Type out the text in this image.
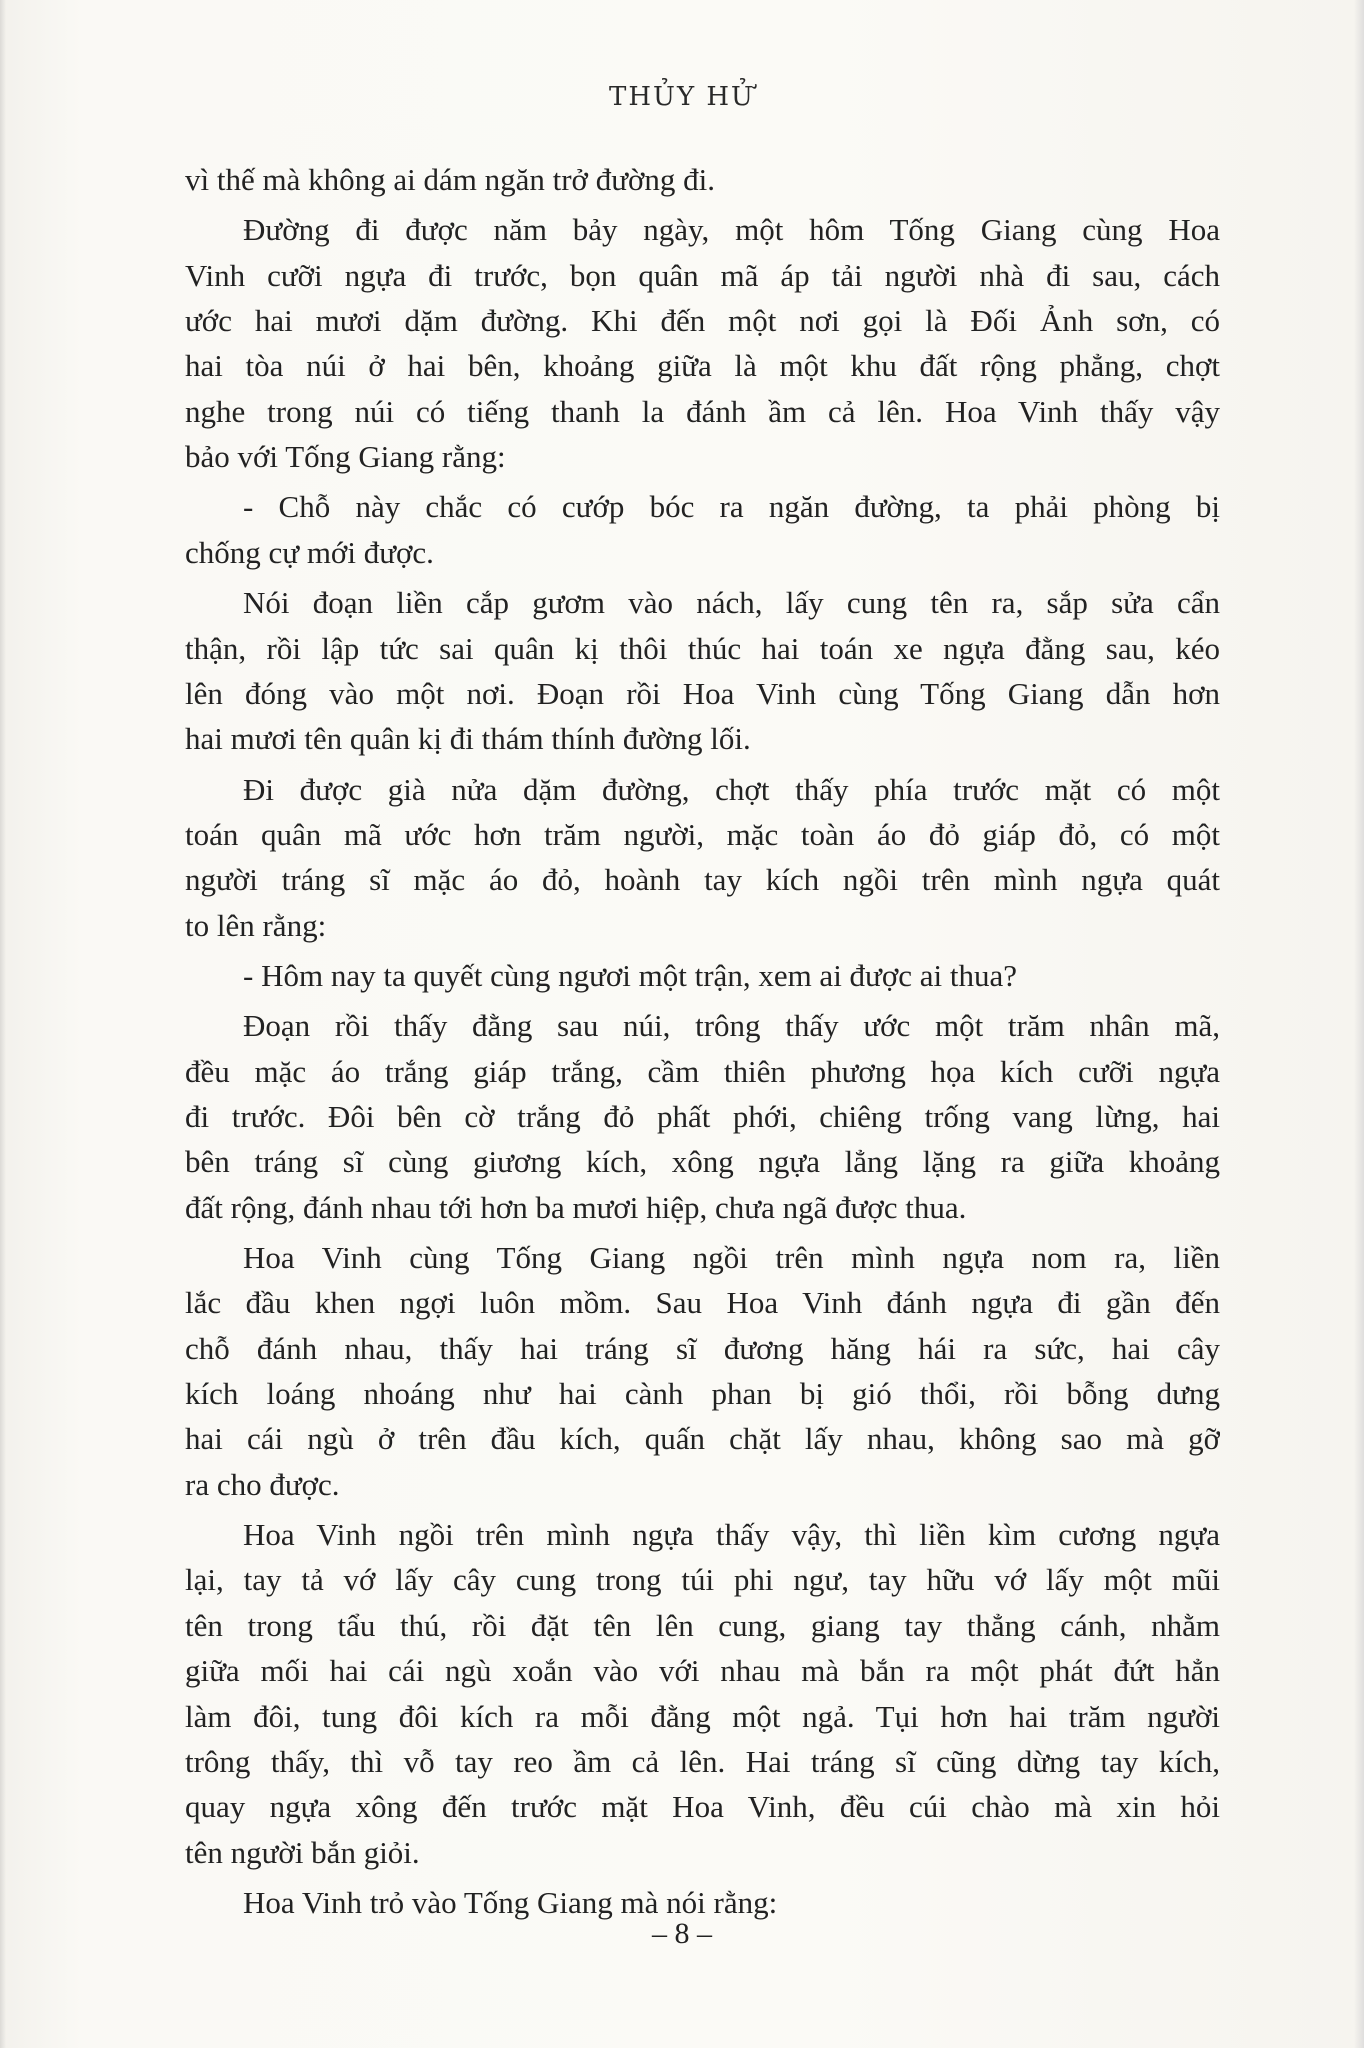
THỦY HỬ
vì thế mà không ai dám ngăn trở đường đi.
Đường đi được năm bảy ngày, một hôm Tống Giang cùng Hoa
Vinh cưỡi ngựa đi trước, bọn quân mã áp tải người nhà đi sau, cách
ước hai mươi dặm đường. Khi đến một nơi gọi là Đối Ảnh sơn, có
hai tòa núi ở hai bên, khoảng giữa là một khu đất rộng phẳng, chợt
nghe trong núi có tiếng thanh la đánh ầm cả lên. Hoa Vinh thấy vậy
bảo với Tống Giang rằng:
- Chỗ này chắc có cướp bóc ra ngăn đường, ta phải phòng bị
chống cự mới được.
Nói đoạn liền cắp gươm vào nách, lấy cung tên ra, sắp sửa cẩn
thận, rồi lập tức sai quân kị thôi thúc hai toán xe ngựa đằng sau, kéo
lên đóng vào một nơi. Đoạn rồi Hoa Vinh cùng Tống Giang dẫn hơn
hai mươi tên quân kị đi thám thính đường lối.
Đi được già nửa dặm đường, chợt thấy phía trước mặt có một
toán quân mã ước hơn trăm người, mặc toàn áo đỏ giáp đỏ, có một
người tráng sĩ mặc áo đỏ, hoành tay kích ngồi trên mình ngựa quát
to lên rằng:
- Hôm nay ta quyết cùng ngươi một trận, xem ai được ai thua?
Đoạn rồi thấy đằng sau núi, trông thấy ước một trăm nhân mã,
đều mặc áo trắng giáp trắng, cầm thiên phương họa kích cưỡi ngựa
đi trước. Đôi bên cờ trắng đỏ phất phới, chiêng trống vang lừng, hai
bên tráng sĩ cùng giương kích, xông ngựa lẳng lặng ra giữa khoảng
đất rộng, đánh nhau tới hơn ba mươi hiệp, chưa ngã được thua.
Hoa Vinh cùng Tống Giang ngồi trên mình ngựa nom ra, liền
lắc đầu khen ngợi luôn mồm. Sau Hoa Vinh đánh ngựa đi gần đến
chỗ đánh nhau, thấy hai tráng sĩ đương hăng hái ra sức, hai cây
kích loáng nhoáng như hai cành phan bị gió thổi, rồi bỗng dưng
hai cái ngù ở trên đầu kích, quấn chặt lấy nhau, không sao mà gỡ
ra cho được.
Hoa Vinh ngồi trên mình ngựa thấy vậy, thì liền kìm cương ngựa
lại, tay tả vớ lấy cây cung trong túi phi ngư, tay hữu vớ lấy một mũi
tên trong tẩu thú, rồi đặt tên lên cung, giang tay thẳng cánh, nhằm
giữa mối hai cái ngù xoắn vào với nhau mà bắn ra một phát đứt hẳn
làm đôi, tung đôi kích ra mỗi đằng một ngả. Tụi hơn hai trăm người
trông thấy, thì vỗ tay reo ầm cả lên. Hai tráng sĩ cũng dừng tay kích,
quay ngựa xông đến trước mặt Hoa Vinh, đều cúi chào mà xin hỏi
tên người bắn giỏi.
Hoa Vinh trỏ vào Tống Giang mà nói rằng:
– 8 –
